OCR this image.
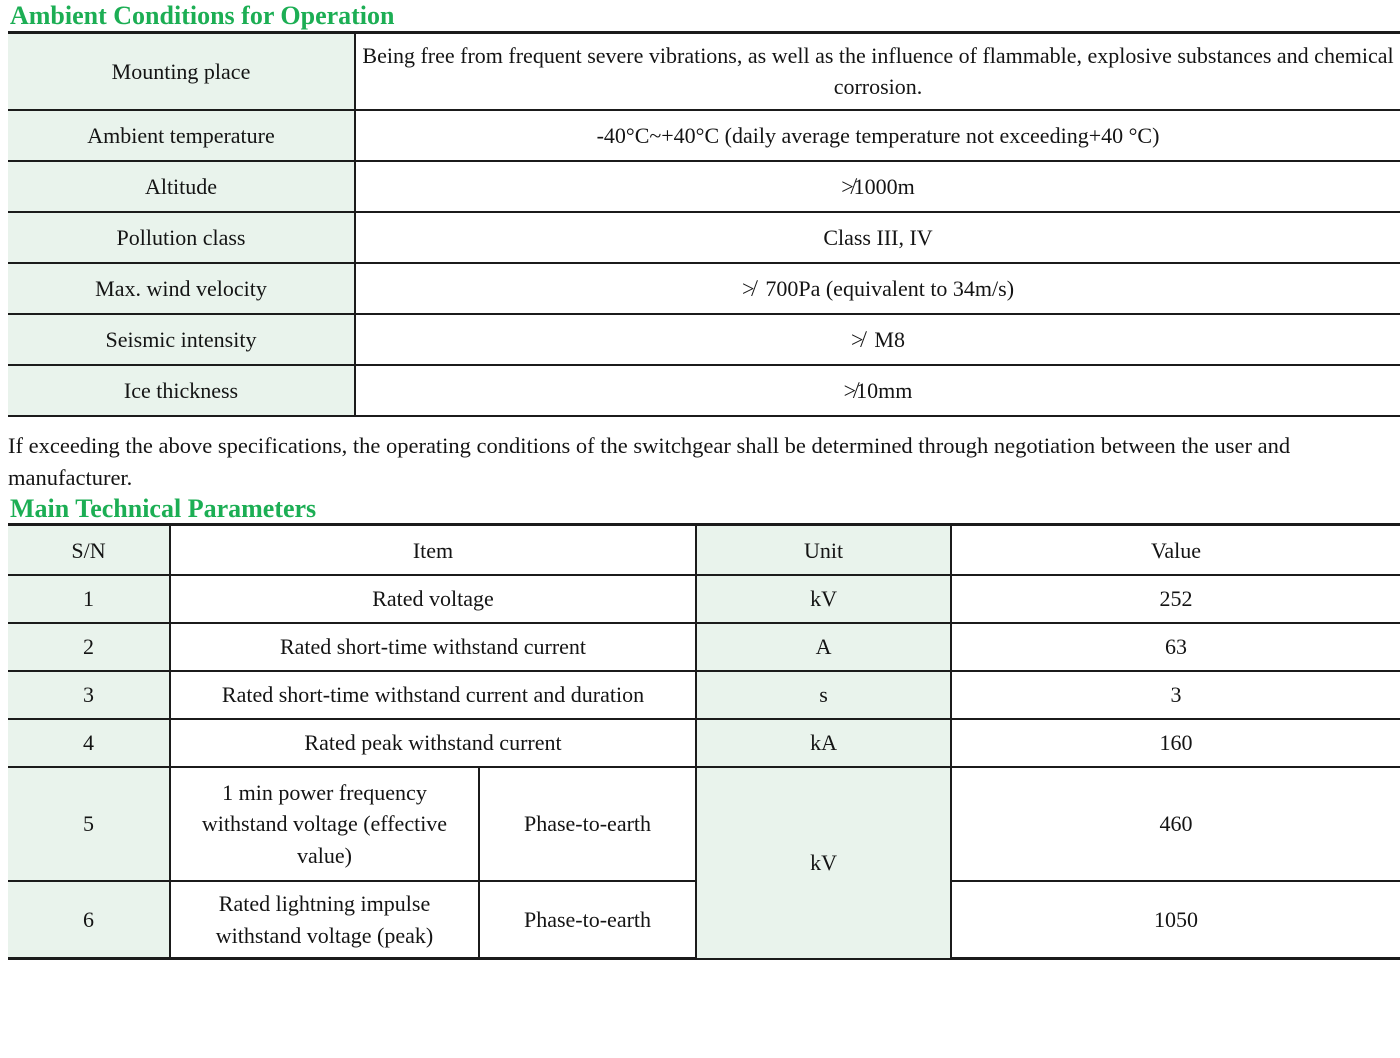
Ambient Conditions for Operation
Mounting place	Being free from frequent severe vibrations, as well as the influence of flammable, explosive substances and chemical corrosion.
Ambient temperature	-40°C~+40°C (daily average temperature not exceeding+40 °C)
Altitude	≯1000m
Pollution class	Class III, IV
Max. wind velocity	≯  700Pa (equivalent to 34m/s)
Seismic intensity	≯  M8
Ice thickness	≯10mm

If exceeding the above specifications, the operating conditions of the switchgear shall be determined through negotiation between the user and manufacturer.

Main Technical Parameters
S/N	Item		Unit	Value
1	Rated voltage		kV	252
2	Rated short-time withstand current		A	63
3	Rated short-time withstand current and duration		s	3
4	Rated peak withstand current		kA	160
5	1 min power frequency withstand voltage (effective value)	Phase-to-earth	kV	460
6	Rated lightning impulse withstand voltage (peak)	Phase-to-earth		1050
